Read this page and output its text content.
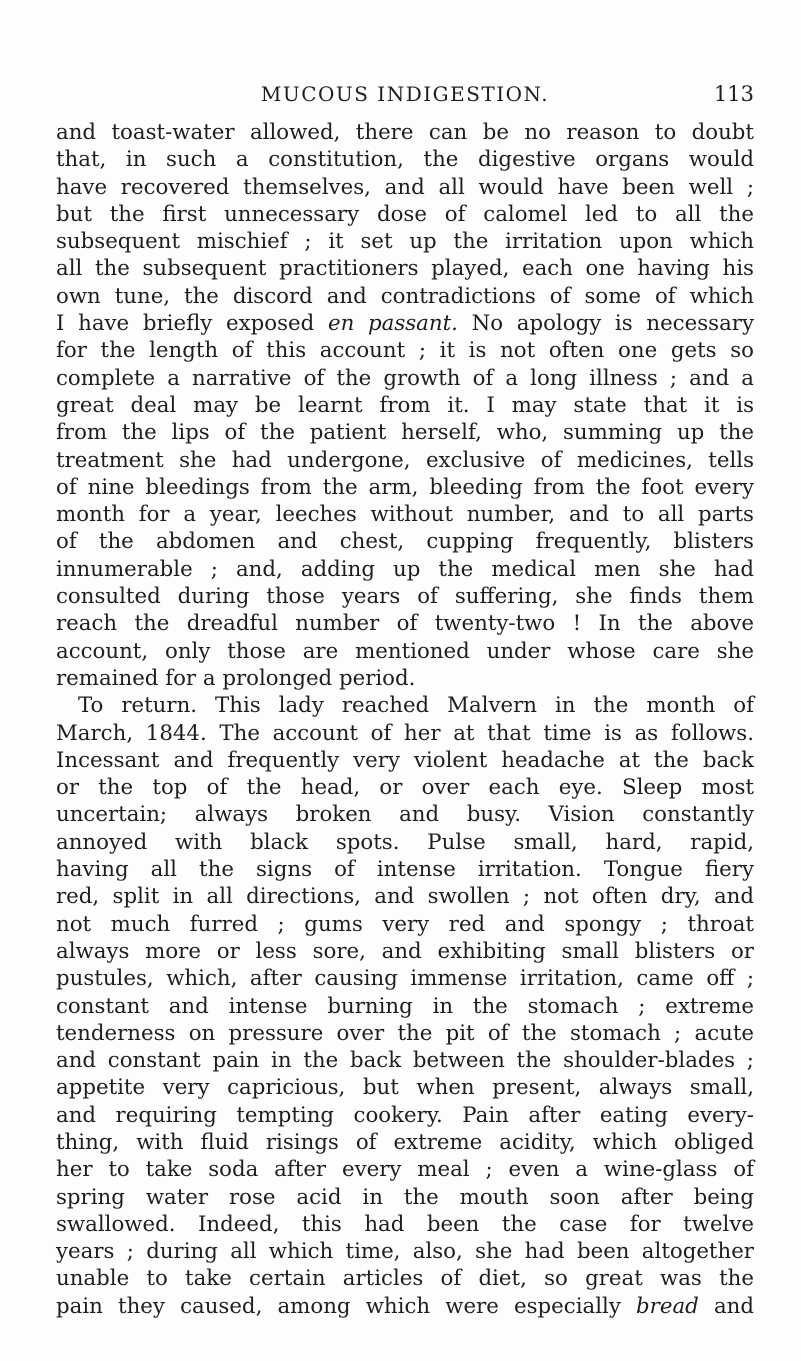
MUCOUS INDIGESTION.	113
and toast-water allowed, there can be no reason to doubt
that, in such a constitution, the digestive organs would
have recovered themselves, and all would have been well ;
but the first unnecessary dose of calomel led to all the
subsequent mischief ; it set up the irritation upon which
all the subsequent practitioners played, each one having his
own tune, the discord and contradictions of some of which
I have briefly exposed en passant. No apology is necessary
for the length of this account ; it is not often one gets so
complete a narrative of the growth of a long illness ; and a
great deal may be learnt from it. I may state that it is
from the lips of the patient herself, who, summing up the
treatment she had undergone, exclusive of medicines, tells
of nine bleedings from the arm, bleeding from the foot every
month for a year, leeches without number, and to all parts
of the abdomen and chest, cupping frequently, blisters
innumerable ; and, adding up the medical men she had
consulted during those years of suffering, she finds them
reach the dreadful number of twenty-two ! In the above
account, only those are mentioned under whose care she
remained for a prolonged period.
To return. This lady reached Malvern in the month of
March, 1844. The account of her at that time is as follows.
Incessant and frequently very violent headache at the back
or the top of the head, or over each eye. Sleep most
uncertain; always broken and busy. Vision constantly
annoyed with black spots. Pulse small, hard, rapid,
having all the signs of intense irritation. Tongue fiery
red, split in all directions, and swollen ; not often dry, and
not much furred ; gums very red and spongy ; throat
always more or less sore, and exhibiting small blisters or
pustules, which, after causing immense irritation, came off ;
constant and intense burning in the stomach ; extreme
tenderness on pressure over the pit of the stomach ; acute
and constant pain in the back between the shoulder-blades ;
appetite very capricious, but when present, always small,
and requiring tempting cookery. Pain after eating every-
thing, with fluid risings of extreme acidity, which obliged
her to take soda after every meal ; even a wine-glass of
spring water rose acid in the mouth soon after being
swallowed. Indeed, this had been the case for twelve
years ; during all which time, also, she had been altogether
unable to take certain articles of diet, so great was the
pain they caused, among which were especially bread and
